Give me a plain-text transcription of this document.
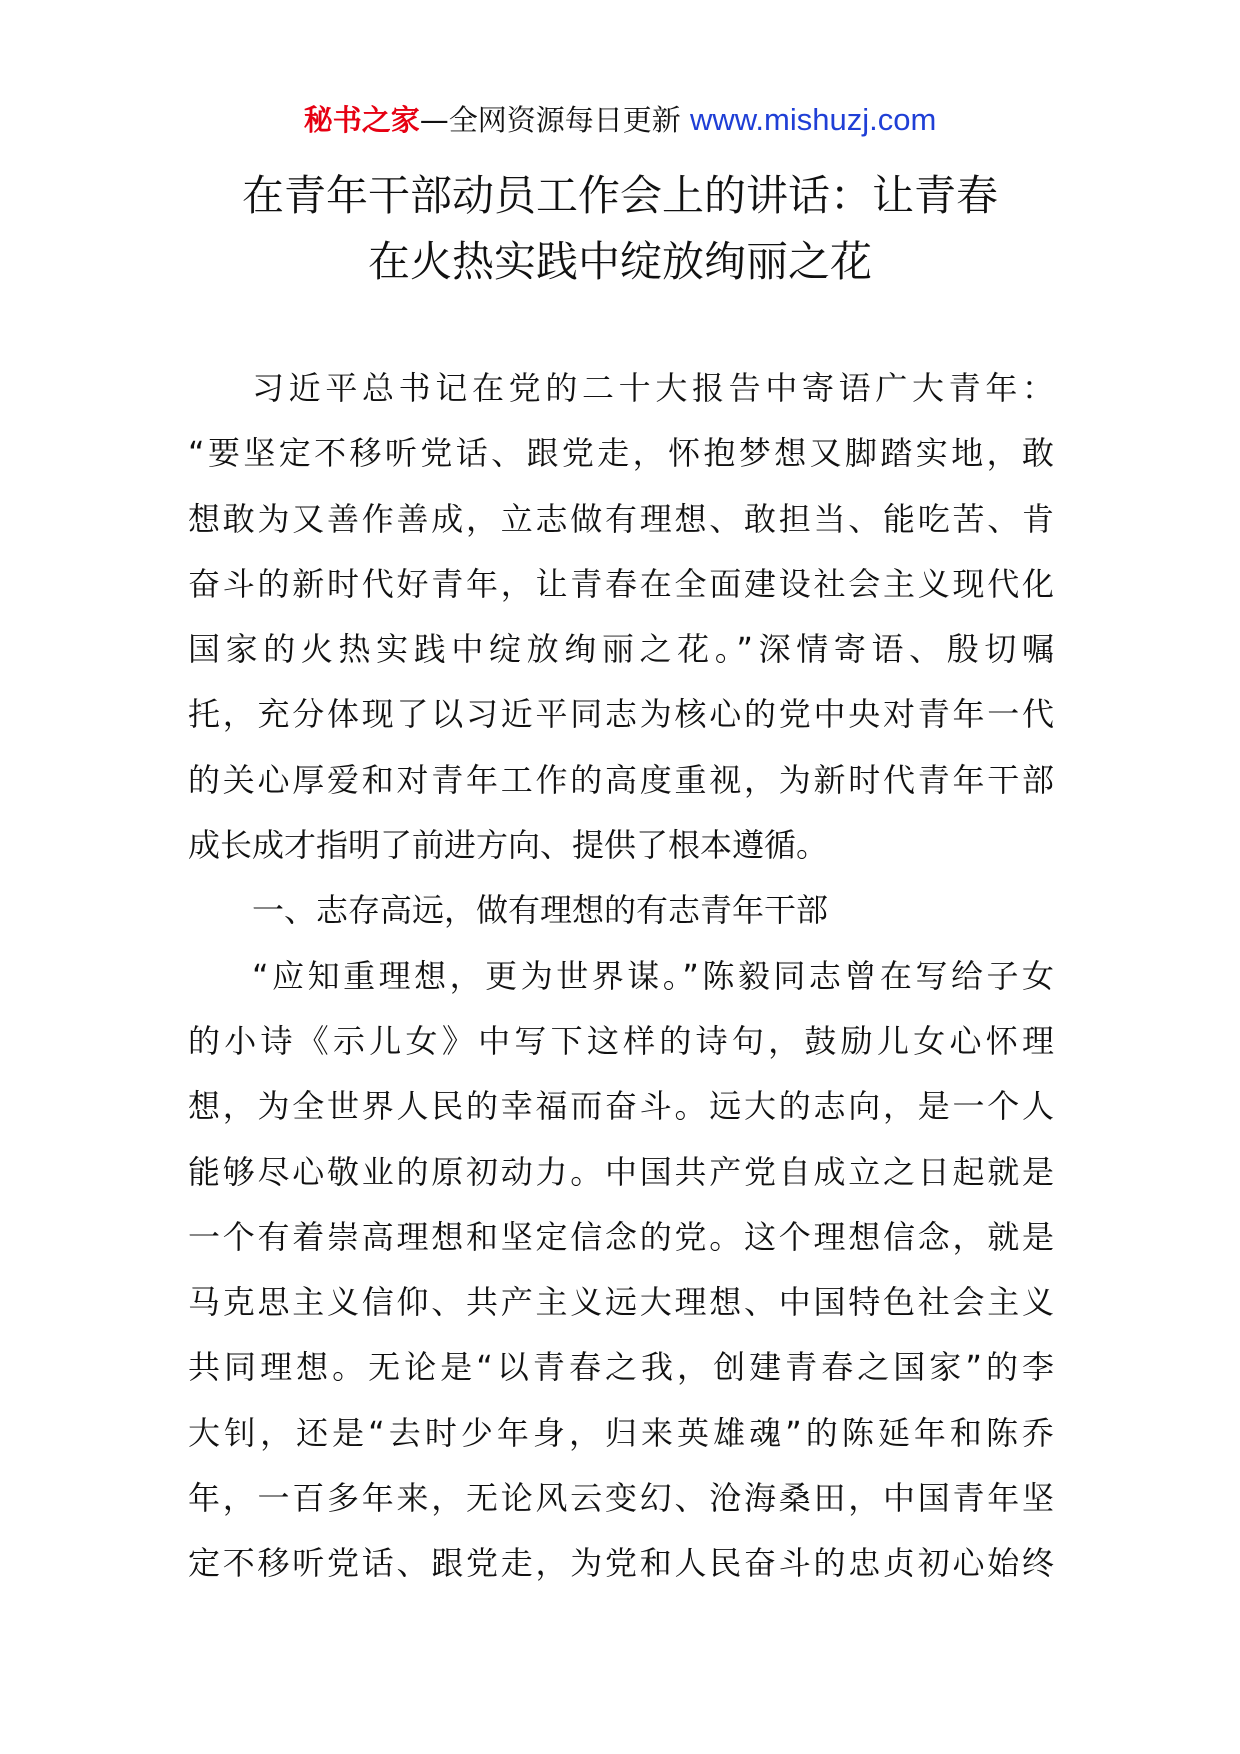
秘书之家—全网资源每日更新 www.mishuzj.com
在青年干部动员工作会上的讲话：让青春
在火热实践中绽放绚丽之花
习近平总书记在党的二十大报告中寄语广大青年：
“要坚定不移听党话、跟党走，怀抱梦想又脚踏实地，敢
想敢为又善作善成，立志做有理想、敢担当、能吃苦、肯
奋斗的新时代好青年，让青春在全面建设社会主义现代化
国家的火热实践中绽放绚丽之花。”深情寄语、殷切嘱
托，充分体现了以习近平同志为核心的党中央对青年一代
的关心厚爱和对青年工作的高度重视，为新时代青年干部
成长成才指明了前进方向、提供了根本遵循。
一、志存高远，做有理想的有志青年干部
“应知重理想，更为世界谋。”陈毅同志曾在写给子女
的小诗《示儿女》中写下这样的诗句，鼓励儿女心怀理
想，为全世界人民的幸福而奋斗。远大的志向，是一个人
能够尽心敬业的原初动力。中国共产党自成立之日起就是
一个有着崇高理想和坚定信念的党。这个理想信念，就是
马克思主义信仰、共产主义远大理想、中国特色社会主义
共同理想。无论是“以青春之我，创建青春之国家”的李
大钊，还是“去时少年身，归来英雄魂”的陈延年和陈乔
年，一百多年来，无论风云变幻、沧海桑田，中国青年坚
定不移听党话、跟党走，为党和人民奋斗的忠贞初心始终
